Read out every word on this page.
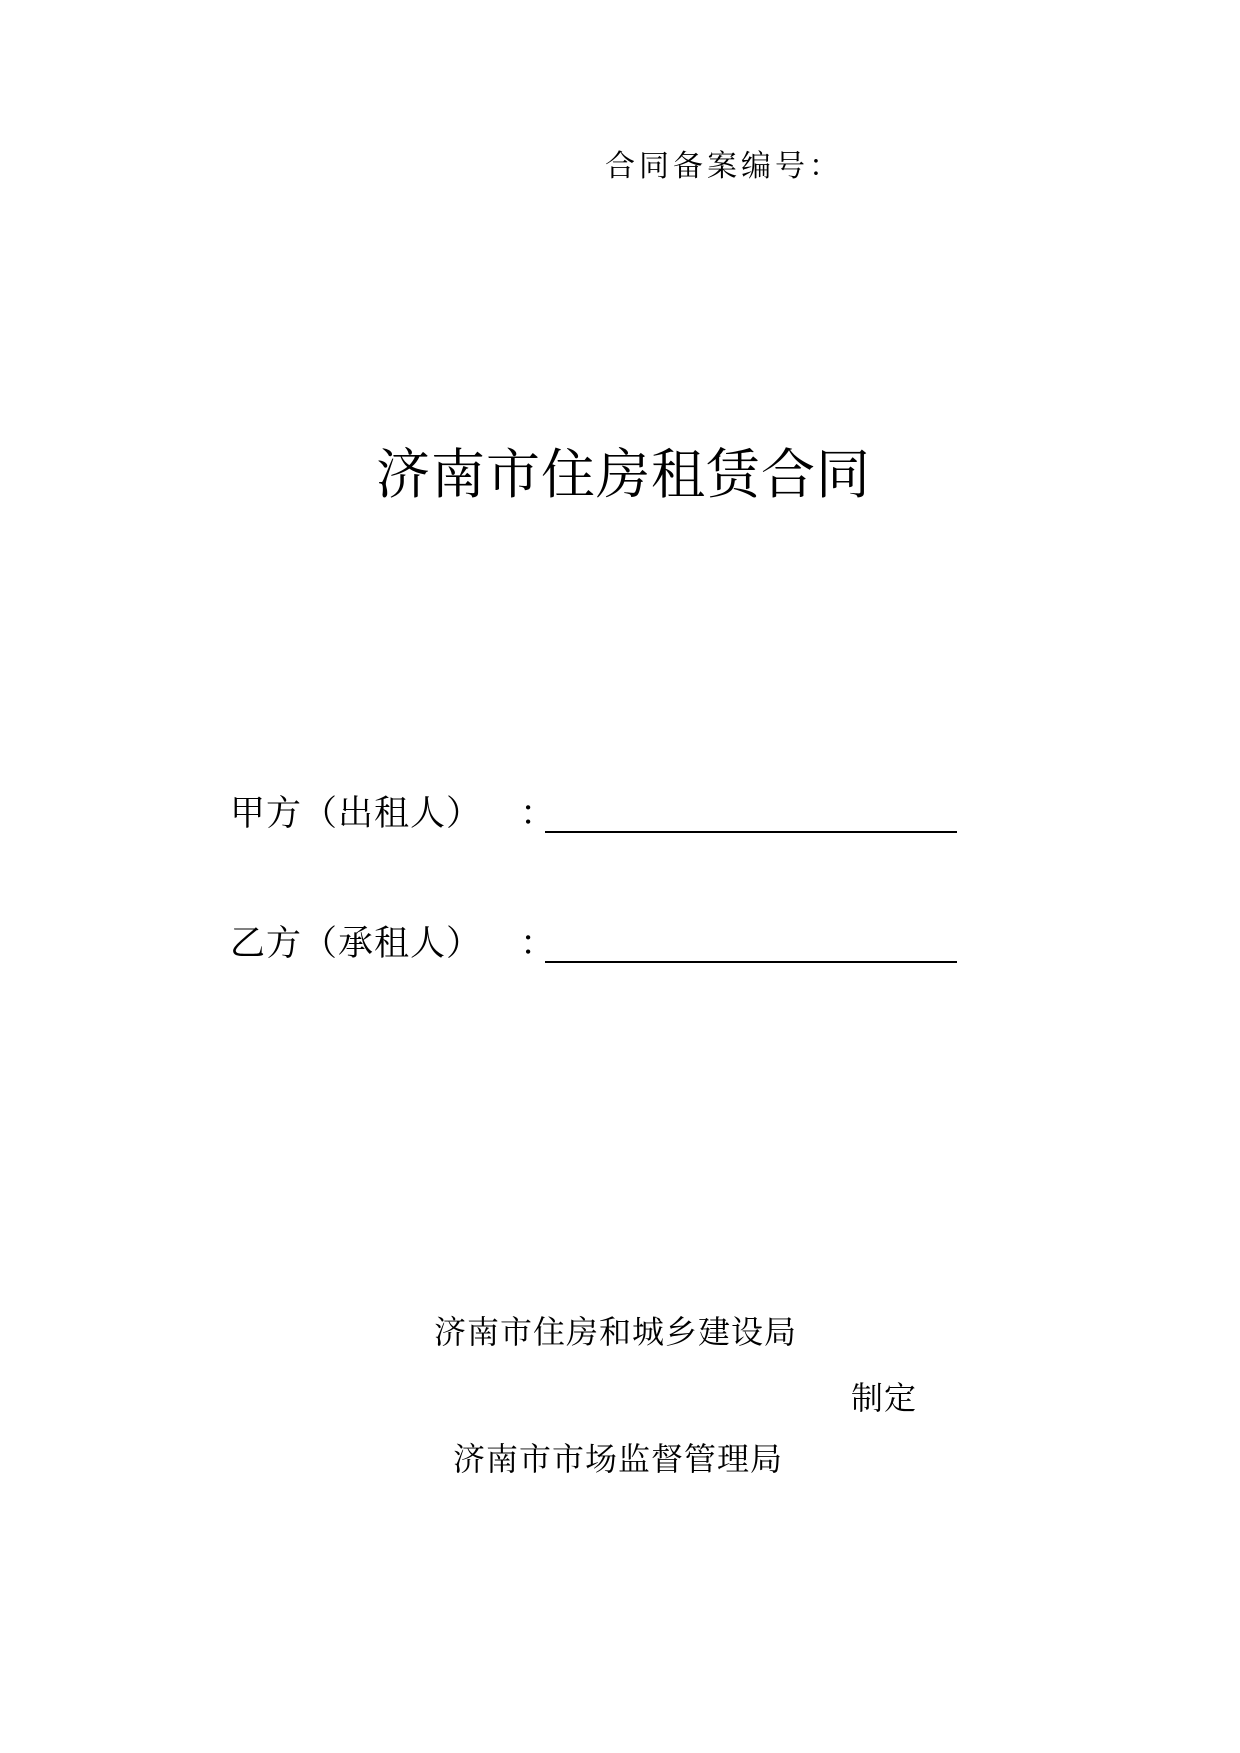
合同备案编号：
济南市住房租赁合同
甲方（出租人） ：
乙方（承租人） ：
济南市住房和城乡建设局
制定
济南市市场监督管理局
